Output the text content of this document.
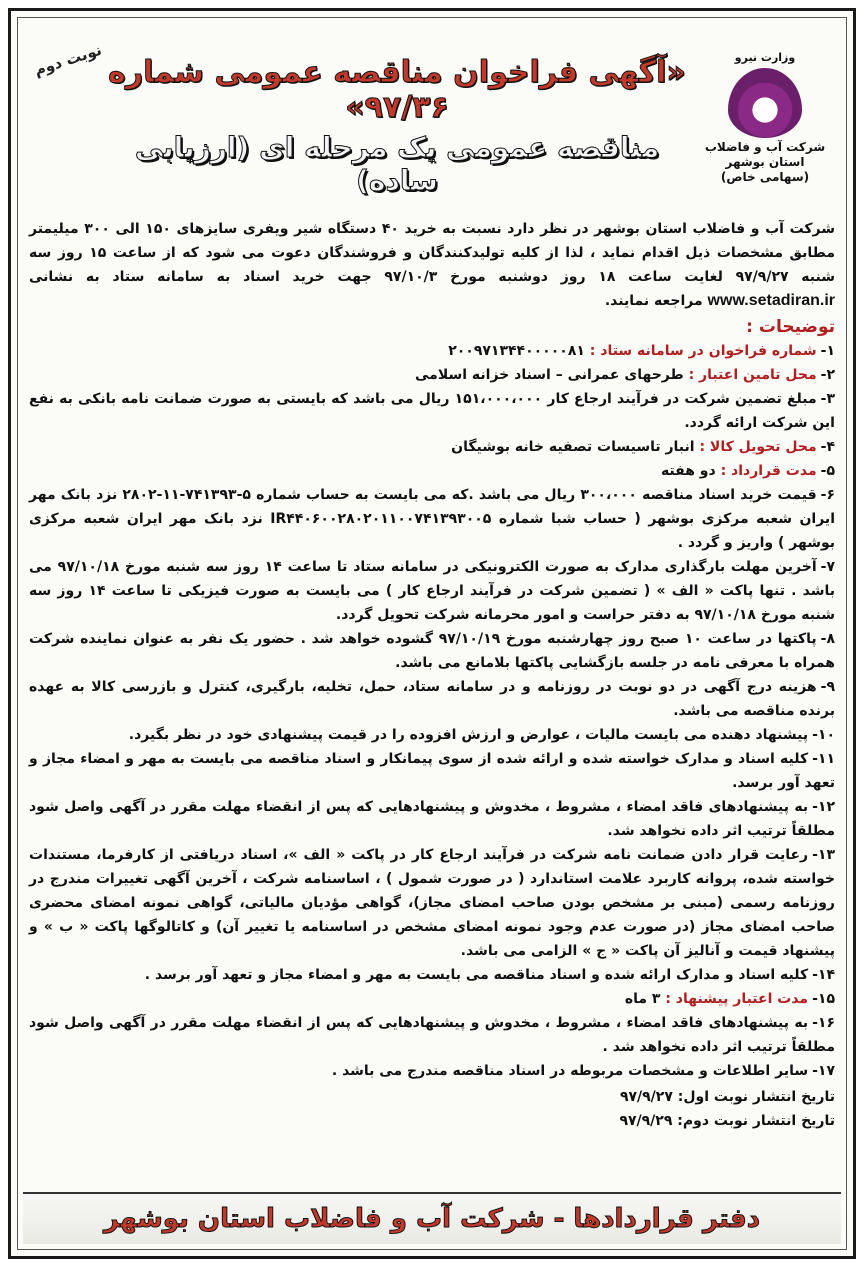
نوبت دوم	وزارت نیرو
شرکت آب و فاضلاب
استان بوشهر
(سهامی خاص)
«آگهی فراخوان مناقصه عمومی شماره ۹۷/۳۶»
مناقصه عمومی یک مرحله ای (ارزیابی ساده)

شرکت آب و فاضلاب استان بوشهر در نظر دارد نسبت به خرید ۴۰ دستگاه شیر ویفری سایزهای ۱۵۰ الی ۳۰۰ میلیمتر مطابق مشخصات ذیل اقدام نماید ، لذا از کلیه تولیدکنندگان و فروشندگان دعوت می شود که از ساعت ۱۵ روز سه شنبه ۹۷/۹/۲۷ لغایت ساعت ۱۸ روز دوشنبه مورخ ۹۷/۱۰/۳ جهت خرید اسناد به سامانه ستاد به نشانی www.setadiran.ir مراجعه نمایند.

توضیحات :

۱-شماره فراخوان در سامانه ستاد : ۲۰۰۹۷۱۳۴۴۰۰۰۰۰۸۱

۲-محل تامین اعتبار : طرحهای عمرانی – اسناد خزانه اسلامی

۳-مبلغ تضمین شرکت در فرآیند ارجاع کار ۱۵۱،۰۰۰،۰۰۰ ریال می باشد که بایستی به صورت ضمانت نامه بانکی به نفع این شرکت ارائه گردد.

۴-محل تحویل کالا : انبار تاسیسات تصفیه خانه بوشیگان

۵-مدت قرارداد : دو هفته

۶-قیمت خرید اسناد مناقصه ۳۰۰،۰۰۰ ریال می باشد .که می بایست به حساب شماره ۵-۷۴۱۳۹۳-۱۱-۲۸۰۲ نزد بانک مهر ایران شعبه مرکزی بوشهر ( حساب شبا شماره IR۴۴۰۶۰۰۲۸۰۲۰۱۱۰۰۷۴۱۳۹۳۰۰۵ نزد بانک مهر ایران شعبه مرکزی بوشهر ) واریز و گردد .

۷-آخرین مهلت بارگذاری مدارک به صورت الکترونیکی در سامانه ستاد تا ساعت ۱۴ روز سه شنبه مورخ ۹۷/۱۰/۱۸ می باشد . تنها پاکت « الف » ( تضمین شرکت در فرآیند ارجاع کار ) می بایست به صورت فیزیکی تا ساعت ۱۴ روز سه شنبه مورخ ۹۷/۱۰/۱۸ به دفتر حراست و امور محرمانه شرکت تحویل گردد.

۸-پاکتها در ساعت ۱۰ صبح روز چهارشنبه مورخ ۹۷/۱۰/۱۹ گشوده خواهد شد . حضور یک نفر به عنوان نماینده شرکت همراه با معرفی نامه در جلسه بازگشایی پاکتها بلامانع می باشد.

۹-هزینه درج آگهی در دو نوبت در روزنامه و در سامانه ستاد، حمل، تخلیه، بارگیری، کنترل و بازرسی کالا به عهده برنده مناقصه می باشد.

۱۰-پیشنهاد دهنده می بایست مالیات ، عوارض و ارزش افزوده را در قیمت پیشنهادی خود در نظر بگیرد.

۱۱-کلیه اسناد و مدارک خواسته شده و ارائه شده از سوی پیمانکار و اسناد مناقصه می بایست به مهر و امضاء مجاز و تعهد آور برسد.

۱۲-به پیشنهادهای فاقد امضاء ، مشروط ، مخدوش و پیشنهادهایی که پس از انقضاء مهلت مقرر در آگهی واصل شود مطلقاً ترتیب اثر داده نخواهد شد.

۱۳-رعایت قرار دادن ضمانت نامه شرکت در فرآیند ارجاع کار در پاکت « الف »، اسناد دریافتی از کارفرما، مستندات خواسته شده، پروانه کاربرد علامت استاندارد ( در صورت شمول ) ، اساسنامه شرکت ، آخرین آگهی تغییرات مندرج در روزنامه رسمی (مبنی بر مشخص بودن صاحب امضای مجاز)، گواهی مؤدیان مالیاتی، گواهی نمونه امضای محضری صاحب امضای مجاز (در صورت عدم وجود نمونه امضای مشخص در اساسنامه یا تغییر آن) و کاتالوگها پاکت « ب » و پیشنهاد قیمت و آنالیز آن پاکت « ج » الزامی می باشد.

۱۴-کلیه اسناد و مدارک ارائه شده و اسناد مناقصه می بایست به مهر و امضاء مجاز و تعهد آور برسد .

۱۵-مدت اعتبار پیشنهاد : ۳ ماه

۱۶-به پیشنهادهای فاقد امضاء ، مشروط ، مخدوش و پیشنهادهایی که پس از انقضاء مهلت مقرر در آگهی واصل شود مطلقاً ترتیب اثر داده نخواهد شد .

۱۷-سایر اطلاعات و مشخصات مربوطه در اسناد مناقصه مندرج می باشد .

تاریخ انتشار نوبت اول: ۹۷/۹/۲۷
تاریخ انتشار نوبت دوم: ۹۷/۹/۲۹
دفتر قراردادها - شرکت آب و فاضلاب استان بوشهر
